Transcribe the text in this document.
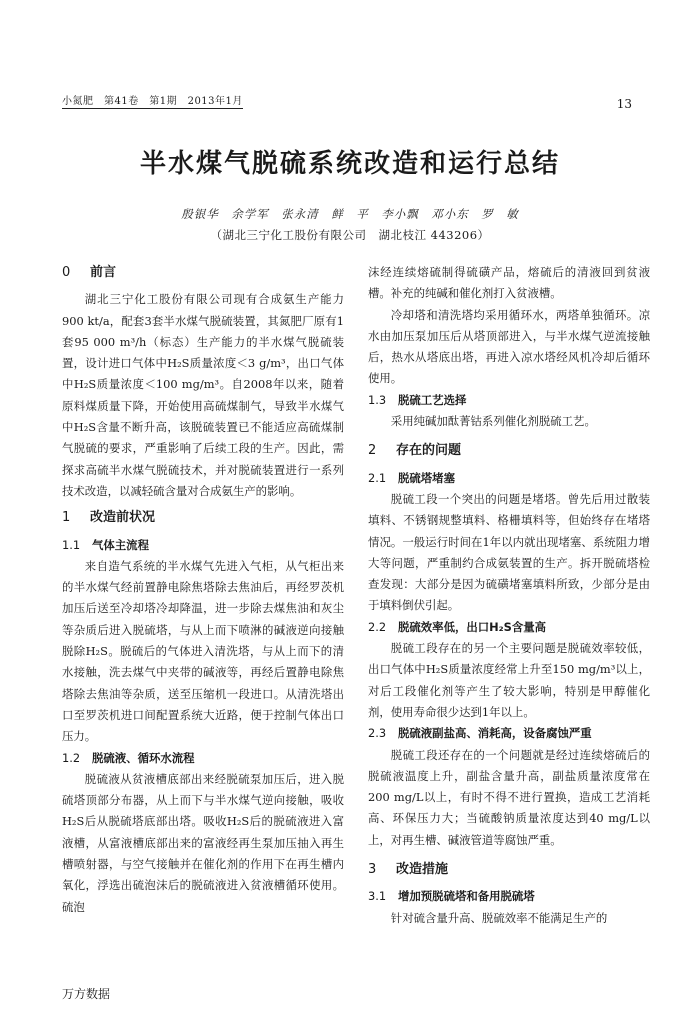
小氮肥　第41卷　第1期　2013年1月	13
半水煤气脱硫系统改造和运行总结
殷银华　余学军　张永清　鲜　平　李小飘　邓小东　罗　敏
（湖北三宁化工股份有限公司　湖北枝江 443206）
0 前言

湖北三宁化工股份有限公司现有合成氨生产能力900 kt/a，配套3套半水煤气脱硫装置，其氮肥厂原有1套95 000 m³/h（标态）生产能力的半水煤气脱硫装置，设计进口气体中H₂S质量浓度＜3 g/m³，出口气体中H₂S质量浓度＜100 mg/m³。自2008年以来，随着原料煤质量下降，开始使用高硫煤制气，导致半水煤气中H₂S含量不断升高，该脱硫装置已不能适应高硫煤制气脱硫的要求，严重影响了后续工段的生产。因此，需探求高硫半水煤气脱硫技术，并对脱硫装置进行一系列技术改造，以减轻硫含量对合成氨生产的影响。

1 改造前状况
1.1 气体主流程

来自造气系统的半水煤气先进入气柜，从气柜出来的半水煤气经前置静电除焦塔除去焦油后，再经罗茨机加压后送至冷却塔冷却降温，进一步除去煤焦油和灰尘等杂质后进入脱硫塔，与从上而下喷淋的碱液逆向接触脱除H₂S。脱硫后的气体进入清洗塔，与从上而下的清水接触，洗去煤气中夹带的碱液等，再经后置静电除焦塔除去焦油等杂质，送至压缩机一段进口。从清洗塔出口至罗茨机进口间配置系统大近路，便于控制气体出口压力。

1.2 脱硫液、循环水流程

脱硫液从贫液槽底部出来经脱硫泵加压后，进入脱硫塔顶部分布器，从上而下与半水煤气逆向接触，吸收H₂S后从脱硫塔底部出塔。吸收H₂S后的脱硫液进入富液槽，从富液槽底部出来的富液经再生泵加压抽入再生槽喷射器，与空气接触并在催化剂的作用下在再生槽内氧化，浮选出硫泡沫后的脱硫液进入贫液槽循环使用。硫泡

沫经连续熔硫制得硫磺产品，熔硫后的清液回到贫液槽。补充的纯碱和催化剂打入贫液槽。

冷却塔和清洗塔均采用循环水，两塔单独循环。凉水由加压泵加压后从塔顶部进入，与半水煤气逆流接触后，热水从塔底出塔，再进入凉水塔经风机冷却后循环使用。

1.3 脱硫工艺选择

采用纯碱加酞菁钴系列催化剂脱硫工艺。

2 存在的问题
2.1 脱硫塔堵塞

脱硫工段一个突出的问题是堵塔。曾先后用过散装填料、不锈钢规整填料、格栅填料等，但始终存在堵塔情况。一般运行时间在1年以内就出现堵塞、系统阻力增大等问题，严重制约合成氨装置的生产。拆开脱硫塔检查发现：大部分是因为硫磺堵塞填料所致，少部分是由于填料倒伏引起。

2.2 脱硫效率低，出口H₂S含量高

脱硫工段存在的另一个主要问题是脱硫效率较低，出口气体中H₂S质量浓度经常上升至150 mg/m³以上，对后工段催化剂等产生了较大影响，特别是甲醇催化剂，使用寿命很少达到1年以上。

2.3 脱硫液副盐高、消耗高，设备腐蚀严重

脱硫工段还存在的一个问题就是经过连续熔硫后的脱硫液温度上升，副盐含量升高，副盐质量浓度常在200 mg/L以上，有时不得不进行置换，造成工艺消耗高、环保压力大；当硫酸钠质量浓度达到40 mg/L以上，对再生槽、碱液管道等腐蚀严重。

3 改造措施
3.1 增加预脱硫塔和备用脱硫塔

针对硫含量升高、脱硫效率不能满足生产的

万方数据
